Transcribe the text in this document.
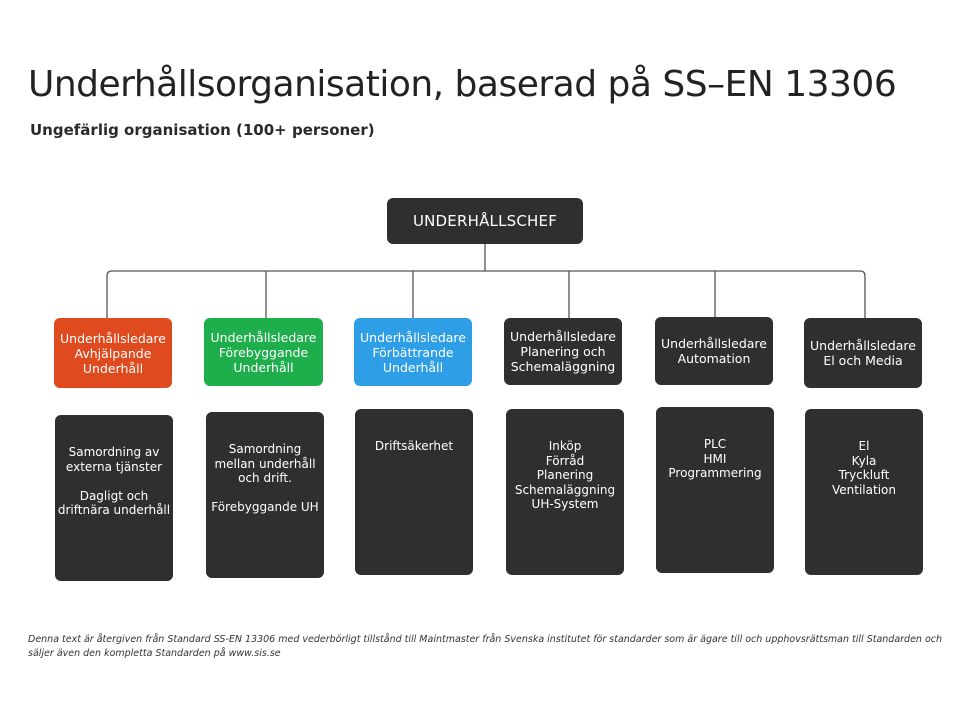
Underhållsorganisation, baserad på SS–EN 13306

Ungefärlig organisation (100+ personer)

UNDERHÅLLSCHEF
Underhållsledare
Avhjälpande
Underhåll
Underhållsledare
Förebyggande
Underhåll
Underhållsledare
Förbättrande
Underhåll
Underhållsledare
Planering och
Schemaläggning
Underhållsledare
Automation
Underhållsledare
El och Media
Samordning av
externa tjänster

Dagligt och
driftnära underhåll
Samordning
mellan underhåll
och drift.

Förebyggande UH
Driftsäkerhet	Inköp
Förråd
Planering
Schemaläggning
UH-System
PLC
HMI
Programmering
El
Kyla
Tryckluft
Ventilation

Denna text är återgiven från Standard SS-EN 13306 med vederbörligt tillstånd till Maintmaster från Svenska institutet för standarder som är ägare till och upphovsrättsman till Standarden och säljer även den kompletta Standarden på www.sis.se
